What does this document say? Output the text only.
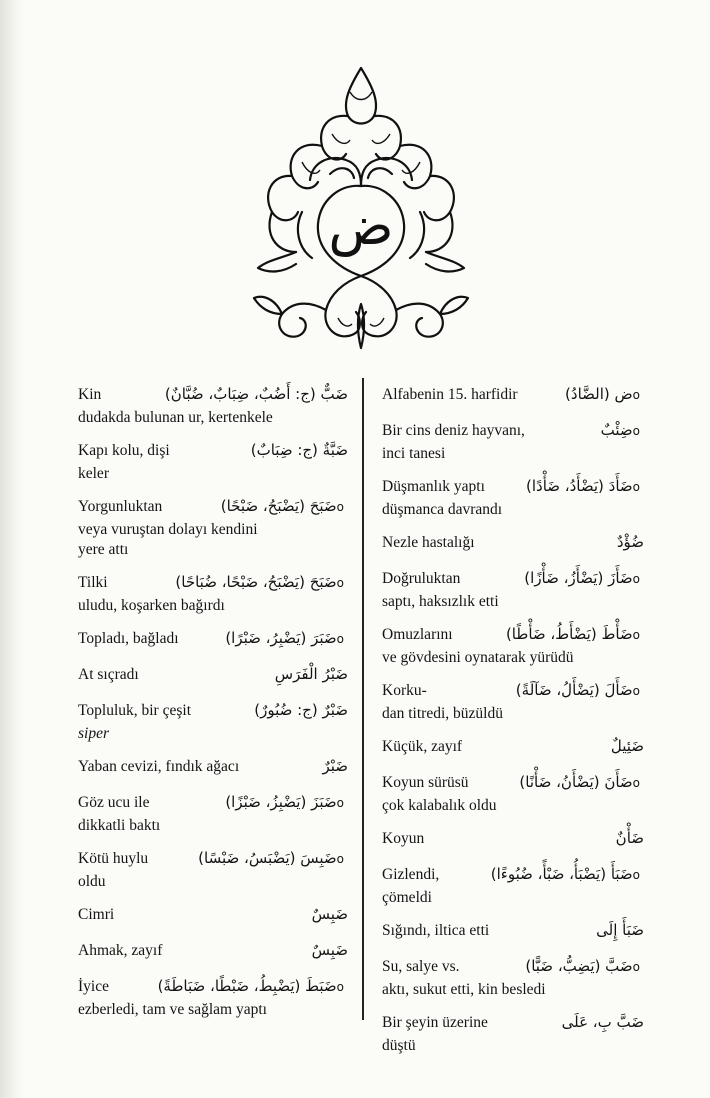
ض
Kin	ضَبٌّ (ج: أَضُبٌ، ضِبَابٌ، ضُبَّانٌ)
dudakda bulunan ur, kertenkele
Kapı kolu, dişi	ضَبَّةٌ (ج: ضِبَابٌ)
keler
Yorgunluktan	oضَبَحَ (يَضْبَحُ، ضَبْحًا)
veya vuruştan dolayı kendini
yere attı
Tilki	oضَبَحَ (يَضْبَحُ، ضَبْحًا، ضُبَاحًا)
uludu, koşarken bağırdı
Topladı, bağladı	oضَبَرَ (يَضْبِرُ، ضَبْرًا)
At sıçradı	ضَبْرُ الْفَرَسِ
Topluluk, bir çeşit	ضَبْرٌ (ج: ضُبُورٌ)
siper
Yaban cevizi, fındık ağacı	ضَبْرٌ
Göz ucu ile	oضَبَزَ (يَضْبِزُ، ضَبْزًا)
dikkatli baktı
Kötü huylu	oضَبِسَ (يَضْبَسُ، ضَبْسًا)
oldu
Cimri	ضَبِسٌ
Ahmak, zayıf	ضَبِسٌ
İyice	oضَبَطَ (يَضْبِطُ، ضَبْطًا، ضَبَاطَةً)
ezberledi, tam ve sağlam yaptı
Alfabenin 15. harfidir	oض (الضَّادُ)
Bir cins deniz hayvanı,	oضِئْبٌ
inci tanesi
Düşmanlık yaptı	oضَأَدَ (يَضْأَدُ، ضَأْدًا)
düşmanca davrandı
Nezle hastalığı	ضُؤْدٌ
Doğruluktan	oضَأَزَ (يَضْأَزُ، ضَأْزًا)
saptı, haksızlık etti
Omuzlarını	oضَأْطَ (يَضْأَطُ، ضَأْطًا)
ve gövdesini oynatarak yürüdü
Korku-	oضَأَلَ (يَضْأَلُ، ضَآلَةً)
dan titredi, büzüldü
Küçük, zayıf	ضَئِيلٌ
Koyun sürüsü	oضَأَنَ (يَضْأَنُ، ضَأْنًا)
çok kalabalık oldu
Koyun	ضَأْنٌ
Gizlendi,	oضَبَأَ (يَضْبَأُ، ضَبْأً، ضُبُوءًا)
çömeldi
Sığındı, iltica etti	ضَبَأَ إِلَى
Su, salye vs.	oضَبَّ (يَضِبُّ، ضَبًّا)
aktı, sukut etti, kin besledi
Bir şeyin üzerine	ضَبَّ بِ، عَلَى
düştü
